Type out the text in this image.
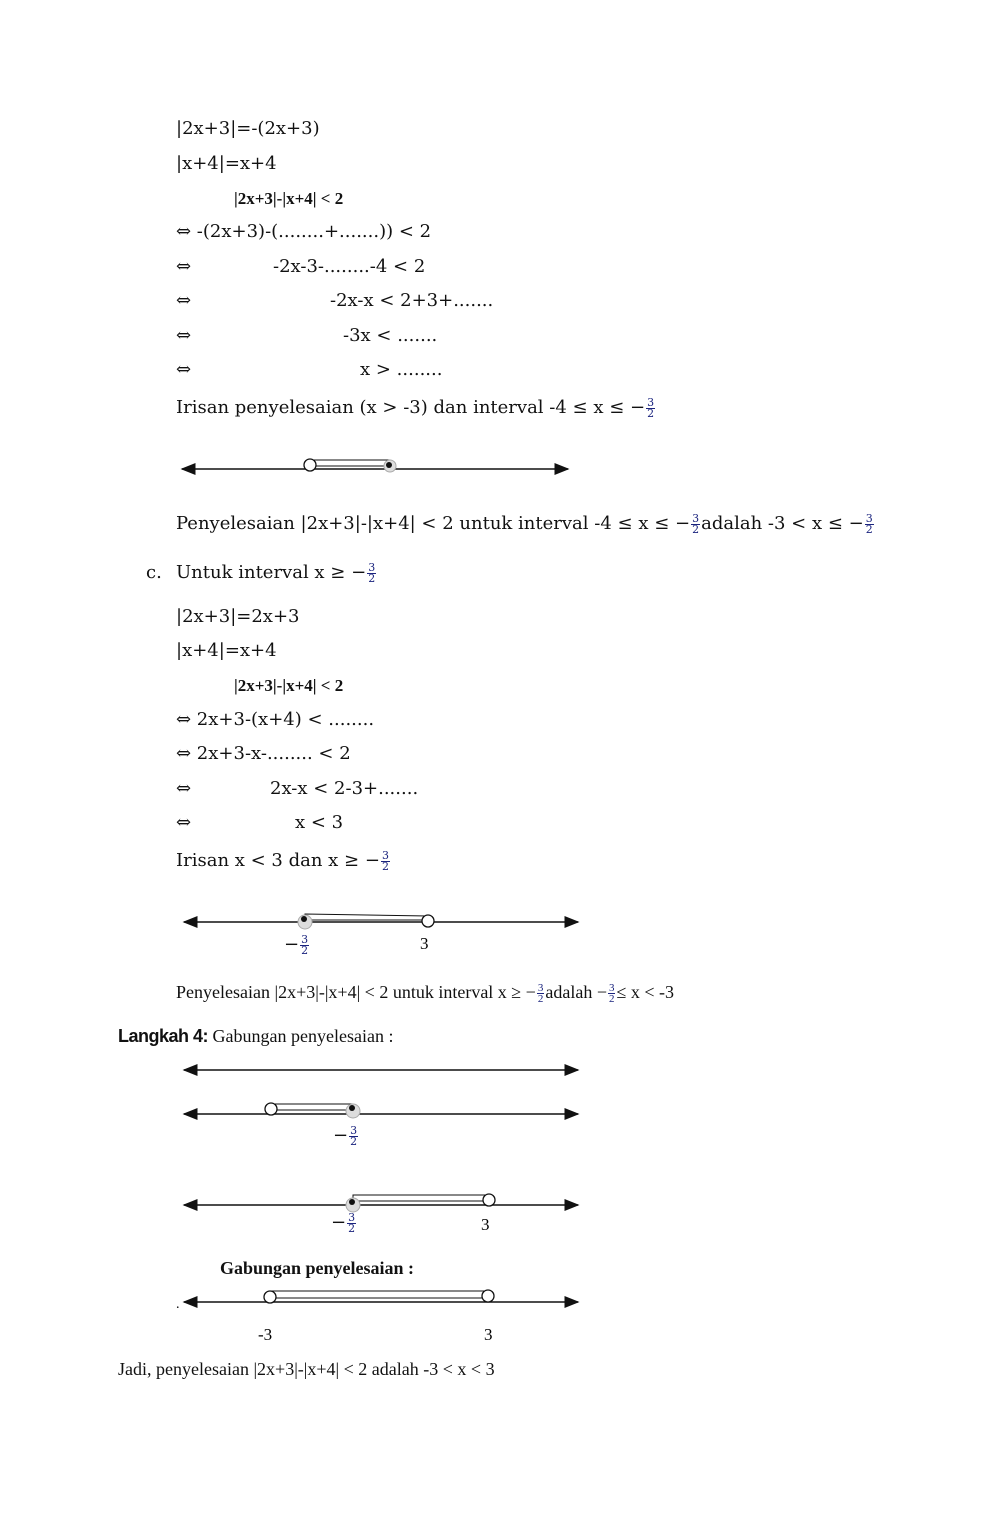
|2x+3|=-(2x+3)
|x+4|=x+4
|2x+3|-|x+4| < 2
⇔ -(2x+3)-(........+.......)) < 2
⇔	-2x-3-........-4 < 2
⇔	-2x-x < 2+3+.......
⇔	-3x < .......
⇔	x > ........
Irisan penyelesaian (x > -3) dan interval -4 ≤ x ≤ − $\frac{3}{2}$
3
3
.
-3	3
Penyelesaian |2x+3|-|x+4| < 2 untuk interval -4 ≤ x ≤ − $\frac{3}{2}$ adalah -3 < x ≤ − $\frac{3}{2}$
c. Untuk interval x ≥ − $\frac{3}{2}$
|2x+3|=2x+3
|x+4|=x+4
|2x+3|-|x+4| < 2
⇔ 2x+3-(x+4) < ........
⇔ 2x+3-x-........ < 2
⇔	2x-x < 2-3+.......
⇔	x < 3
Irisan x < 3 dan x ≥ − $\frac{3}{2}$
− $\frac{3}{2}$
Penyelesaian |2x+3|-|x+4| < 2 untuk interval x ≥ − $\frac{3}{2}$ adalah − $\frac{3}{2} \le x < -3$
Langkah 4: Gabungan penyelesaian :
− $\frac{3}{2}$
− $\frac{3}{2}$
Gabungan penyelesaian :
Jadi, penyelesaian |2x+3|-|x+4| < 2 adalah -3 < x < 3
